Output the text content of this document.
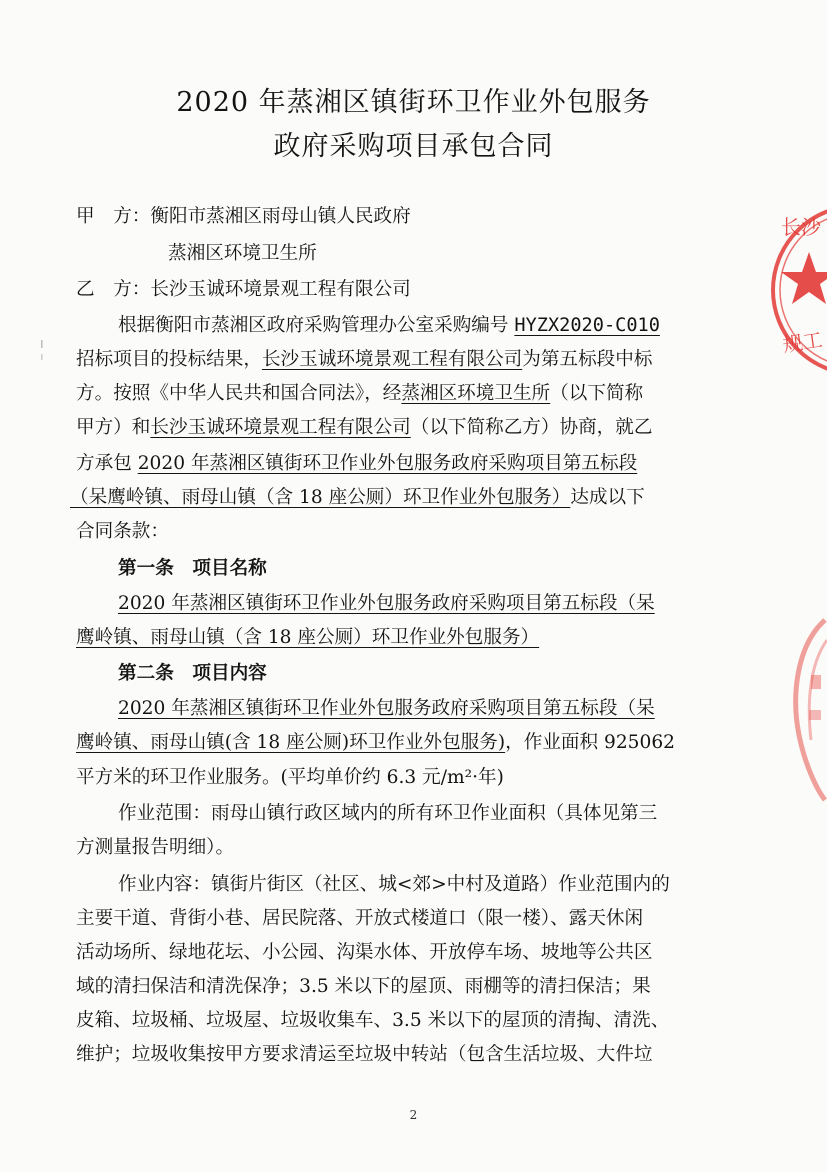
2020 年蒸湘区镇街环卫作业外包服务
政府采购项目承包合同
甲　方：衡阳市蒸湘区雨母山镇人民政府
蒸湘区环境卫生所
乙　方：长沙玉诚环境景观工程有限公司
根据衡阳市蒸湘区政府采购管理办公室采购编号 HYZX2020-C010
招标项目的投标结果，长沙玉诚环境景观工程有限公司为第五标段中标
方。按照《中华人民共和国合同法》，经蒸湘区环境卫生所（以下简称
甲方）和长沙玉诚环境景观工程有限公司（以下简称乙方）协商，就乙
方承包 2020 年蒸湘区镇街环卫作业外包服务政府采购项目第五标段
（呆鹰岭镇、雨母山镇（含 18 座公厕）环卫作业外包服务）达成以下
合同条款：
第一条　项目名称
2020 年蒸湘区镇街环卫作业外包服务政府采购项目第五标段（呆
鹰岭镇、雨母山镇（含 18 座公厕）环卫作业外包服务）
第二条　项目内容
2020 年蒸湘区镇街环卫作业外包服务政府采购项目第五标段（呆
鹰岭镇、雨母山镇(含 18 座公厕)环卫作业外包服务)，作业面积 925062
平方米的环卫作业服务。(平均单价约 6.3 元/m²·年)
作业范围：雨母山镇行政区域内的所有环卫作业面积（具体见第三
方测量报告明细）。
作业内容：镇街片街区（社区、城<郊>中村及道路）作业范围内的
主要干道、背街小巷、居民院落、开放式楼道口（限一楼）、露天休闲
活动场所、绿地花坛、小公园、沟渠水体、开放停车场、坡地等公共区
域的清扫保洁和清洗保净；3.5 米以下的屋顶、雨棚等的清扫保洁；果
皮箱、垃圾桶、垃圾屋、垃圾收集车、3.5 米以下的屋顶的清掏、清洗、
维护；垃圾收集按甲方要求清运至垃圾中转站（包含生活垃圾、大件垃
2
长沙
规工
